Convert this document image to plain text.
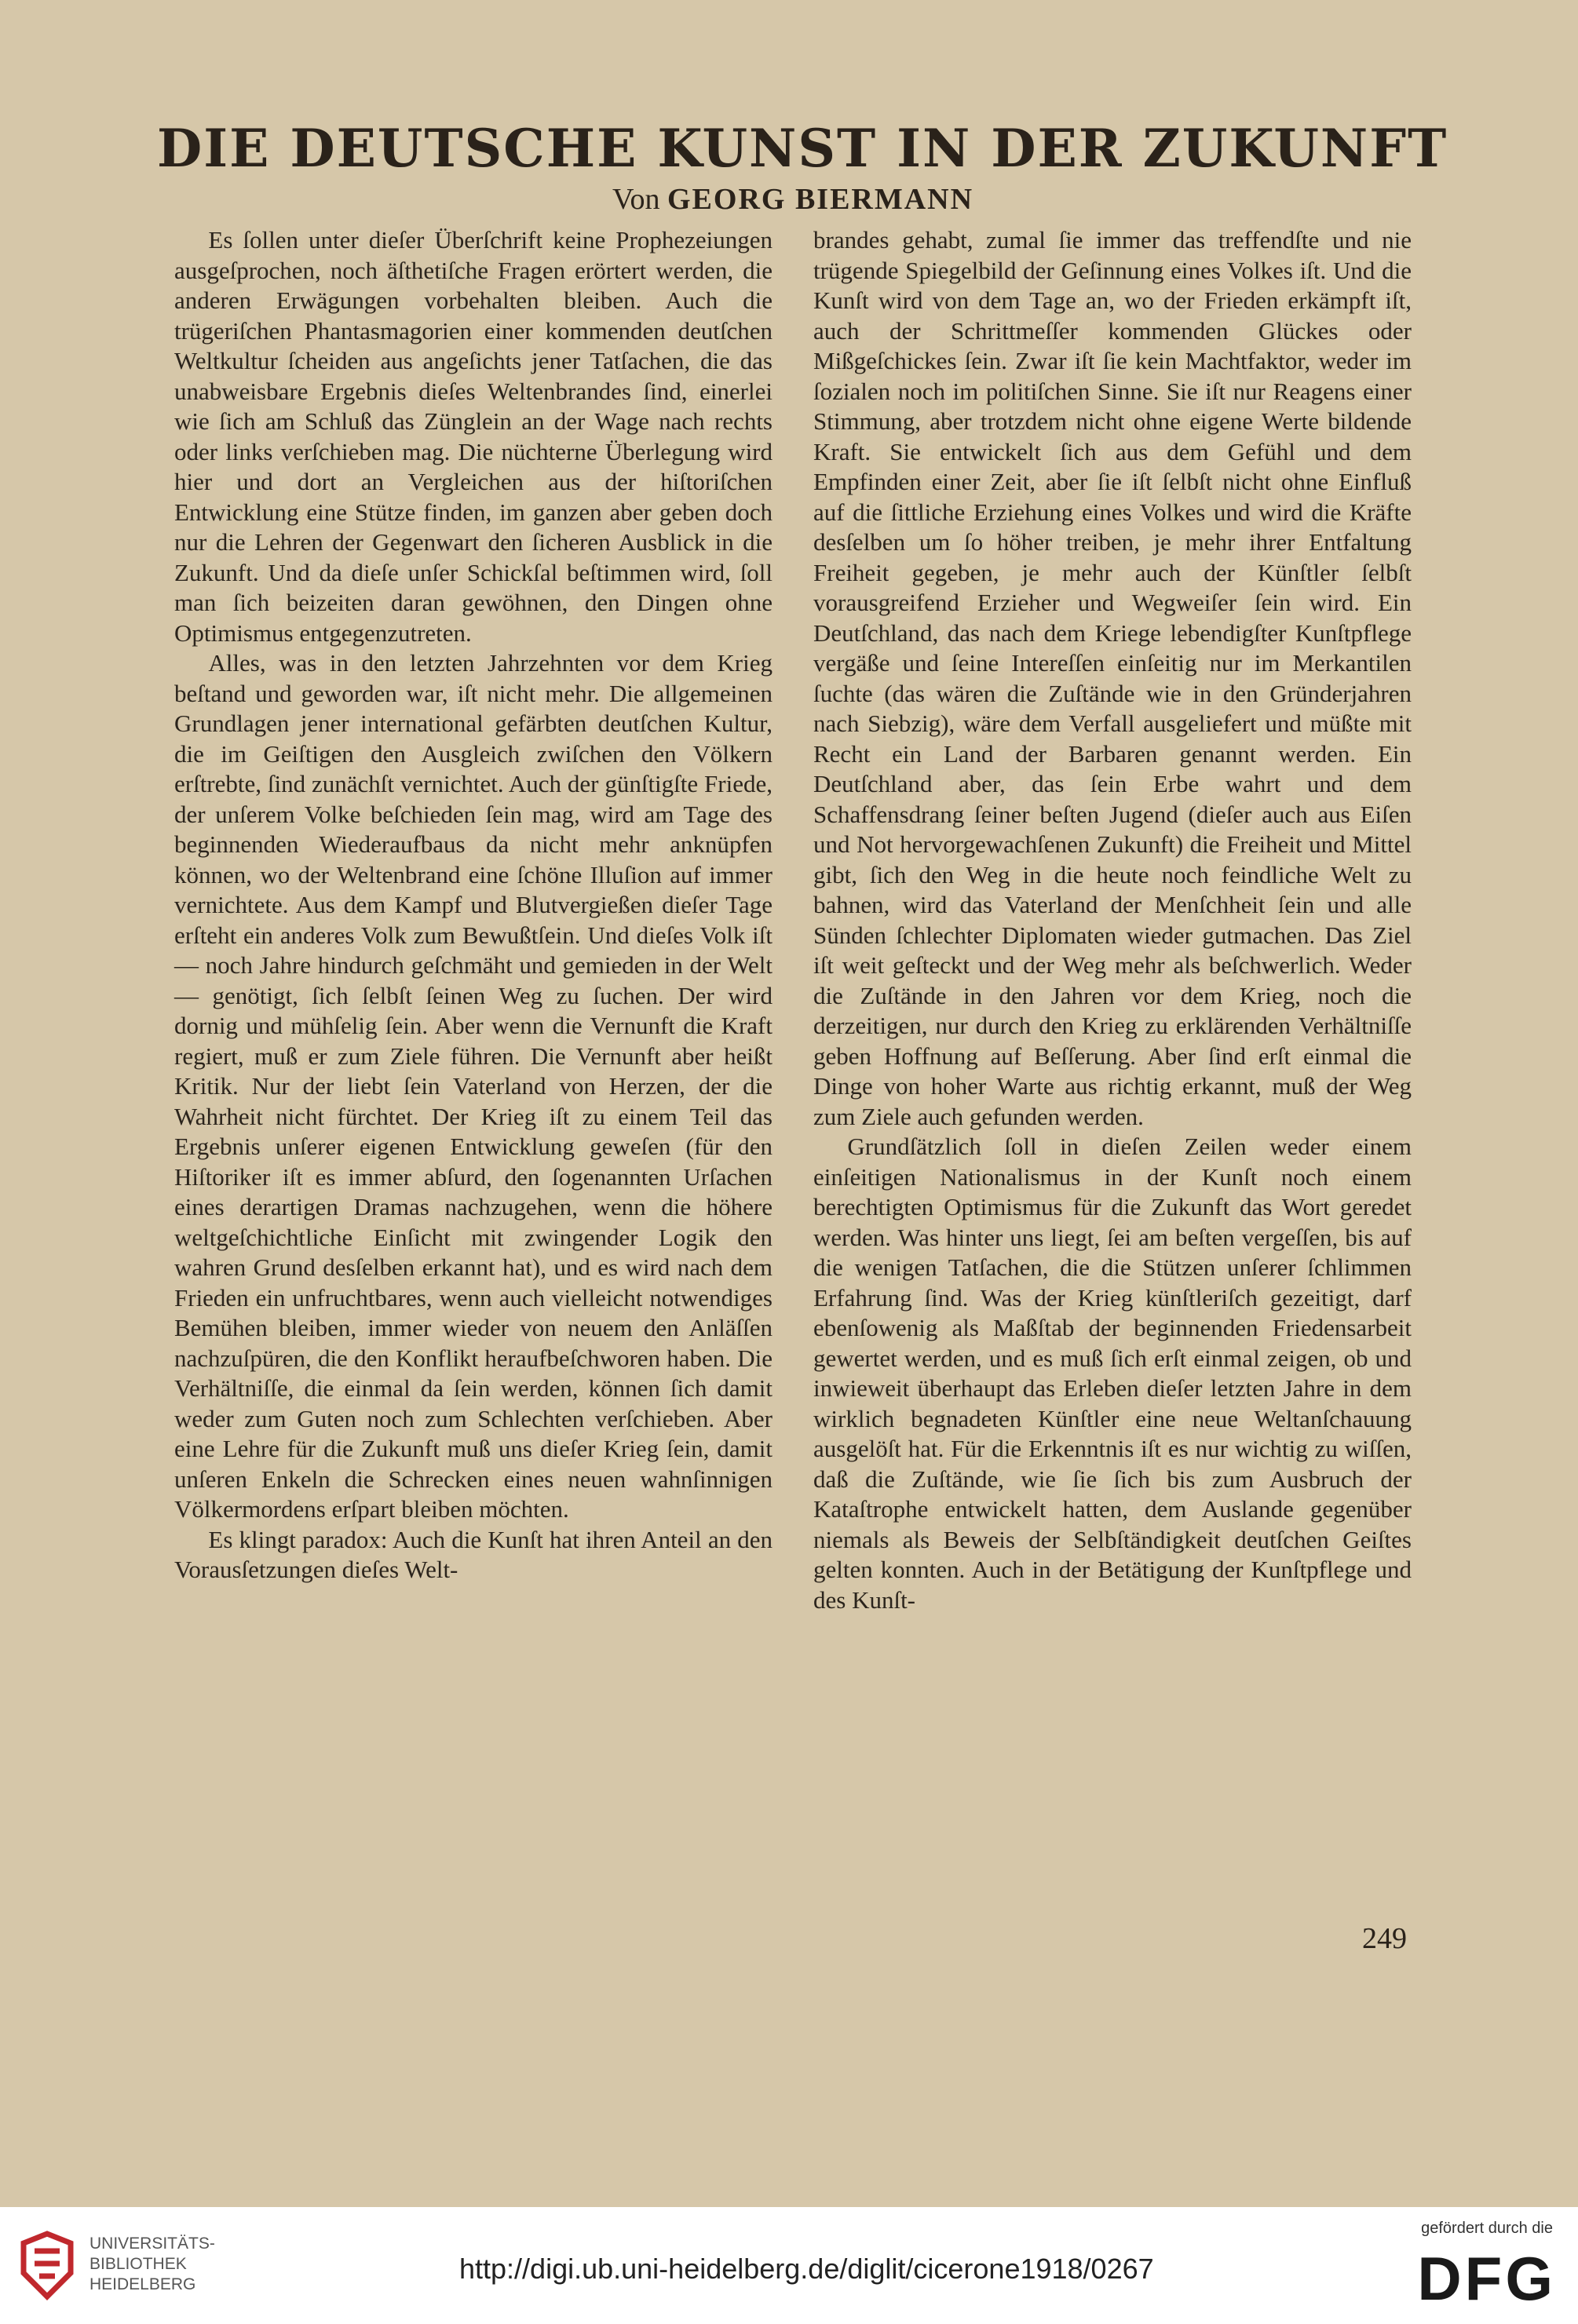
DIE DEUTSCHE KUNST IN DER ZUKUNFT
Von GEORG BIERMANN

Es ſollen unter dieſer Überſchrift keine Prophezeiungen ausgeſprochen, noch äſthetiſche Fragen erörtert werden, die anderen Erwägungen vorbehalten bleiben. Auch die trügeriſchen Phantasmagorien einer kommenden deutſchen Weltkultur ſcheiden aus angeſichts jener Tatſachen, die das unabweisbare Ergebnis dieſes Weltenbrandes ſind, einerlei wie ſich am Schluß das Zünglein an der Wage nach rechts oder links verſchieben mag. Die nüchterne Überlegung wird hier und dort an Vergleichen aus der hiſtoriſchen Entwicklung eine Stütze finden, im ganzen aber geben doch nur die Lehren der Gegenwart den ſicheren Ausblick in die Zukunft. Und da dieſe unſer Schickſal beſtimmen wird, ſoll man ſich beizeiten daran gewöhnen, den Dingen ohne Optimismus entgegenzutreten.

Alles, was in den letzten Jahrzehnten vor dem Krieg beſtand und geworden war, iſt nicht mehr. Die allgemeinen Grundlagen jener international gefärbten deutſchen Kultur, die im Geiſtigen den Ausgleich zwiſchen den Völkern erſtrebte, ſind zunächſt vernichtet. Auch der günſtigſte Friede, der unſerem Volke beſchieden ſein mag, wird am Tage des beginnenden Wiederaufbaus da nicht mehr anknüpfen können, wo der Weltenbrand eine ſchöne Illuſion auf immer vernichtete. Aus dem Kampf und Blutvergießen dieſer Tage erſteht ein anderes Volk zum Bewußtſein. Und dieſes Volk iſt — noch Jahre hindurch geſchmäht und gemieden in der Welt — genötigt, ſich ſelbſt ſeinen Weg zu ſuchen. Der wird dornig und mühſelig ſein. Aber wenn die Vernunft die Kraft regiert, muß er zum Ziele führen. Die Vernunft aber heißt Kritik. Nur der liebt ſein Vaterland von Herzen, der die Wahrheit nicht fürchtet. Der Krieg iſt zu einem Teil das Ergebnis unſerer eigenen Entwicklung geweſen (für den Hiſtoriker iſt es immer abſurd, den ſogenannten Urſachen eines derartigen Dramas nachzugehen, wenn die höhere weltgeſchichtliche Einſicht mit zwingender Logik den wahren Grund desſelben erkannt hat), und es wird nach dem Frieden ein unfruchtbares, wenn auch vielleicht notwendiges Bemühen bleiben, immer wieder von neuem den Anläſſen nachzuſpüren, die den Konflikt heraufbeſchworen haben. Die Verhältniſſe, die einmal da ſein werden, können ſich damit weder zum Guten noch zum Schlechten verſchieben. Aber eine Lehre für die Zukunft muß uns dieſer Krieg ſein, damit unſeren Enkeln die Schrecken eines neuen wahnſinnigen Völkermordens erſpart bleiben möchten.

Es klingt paradox: Auch die Kunſt hat ihren Anteil an den Vorausſetzungen dieſes Welt-

brandes gehabt, zumal ſie immer das treffendſte und nie trügende Spiegelbild der Geſinnung eines Volkes iſt. Und die Kunſt wird von dem Tage an, wo der Frieden erkämpft iſt, auch der Schrittmeſſer kommenden Glückes oder Mißgeſchickes ſein. Zwar iſt ſie kein Machtfaktor, weder im ſozialen noch im politiſchen Sinne. Sie iſt nur Reagens einer Stimmung, aber trotzdem nicht ohne eigene Werte bildende Kraft. Sie entwickelt ſich aus dem Gefühl und dem Empfinden einer Zeit, aber ſie iſt ſelbſt nicht ohne Einfluß auf die ſittliche Erziehung eines Volkes und wird die Kräfte desſelben um ſo höher treiben, je mehr ihrer Entfaltung Freiheit gegeben, je mehr auch der Künſtler ſelbſt vorausgreifend Erzieher und Wegweiſer ſein wird. Ein Deutſchland, das nach dem Kriege lebendigſter Kunſtpflege vergäße und ſeine Intereſſen einſeitig nur im Merkantilen ſuchte (das wären die Zuſtände wie in den Gründerjahren nach Siebzig), wäre dem Verfall ausgeliefert und müßte mit Recht ein Land der Barbaren genannt werden. Ein Deutſchland aber, das ſein Erbe wahrt und dem Schaffensdrang ſeiner beſten Jugend (dieſer auch aus Eiſen und Not hervorgewachſenen Zukunft) die Freiheit und Mittel gibt, ſich den Weg in die heute noch feindliche Welt zu bahnen, wird das Vaterland der Menſchheit ſein und alle Sünden ſchlechter Diplomaten wieder gutmachen. Das Ziel iſt weit geſteckt und der Weg mehr als beſchwerlich. Weder die Zuſtände in den Jahren vor dem Krieg, noch die derzeitigen, nur durch den Krieg zu erklärenden Verhältniſſe geben Hoffnung auf Beſſerung. Aber ſind erſt einmal die Dinge von hoher Warte aus richtig erkannt, muß der Weg zum Ziele auch gefunden werden.

Grundſätzlich ſoll in dieſen Zeilen weder einem einſeitigen Nationalismus in der Kunſt noch einem berechtigten Optimismus für die Zukunft das Wort geredet werden. Was hinter uns liegt, ſei am beſten vergeſſen, bis auf die wenigen Tatſachen, die die Stützen unſerer ſchlimmen Erfahrung ſind. Was der Krieg künſtleriſch gezeitigt, darf ebenſowenig als Maßſtab der beginnenden Friedensarbeit gewertet werden, und es muß ſich erſt einmal zeigen, ob und inwieweit überhaupt das Erleben dieſer letzten Jahre in dem wirklich begnadeten Künſtler eine neue Weltanſchauung ausgelöſt hat. Für die Erkenntnis iſt es nur wichtig zu wiſſen, daß die Zuſtände, wie ſie ſich bis zum Ausbruch der Kataſtrophe entwickelt hatten, dem Auslande gegenüber niemals als Beweis der Selbſtändigkeit deutſchen Geiſtes gelten konnten. Auch in der Betätigung der Kunſtpflege und des Kunſt-

249
UNIVERSITÄTS-
BIBLIOTHEK
HEIDELBERG	http://digi.ub.uni-heidelberg.de/diglit/cicerone1918/0267
gefördert durch die
DFG
